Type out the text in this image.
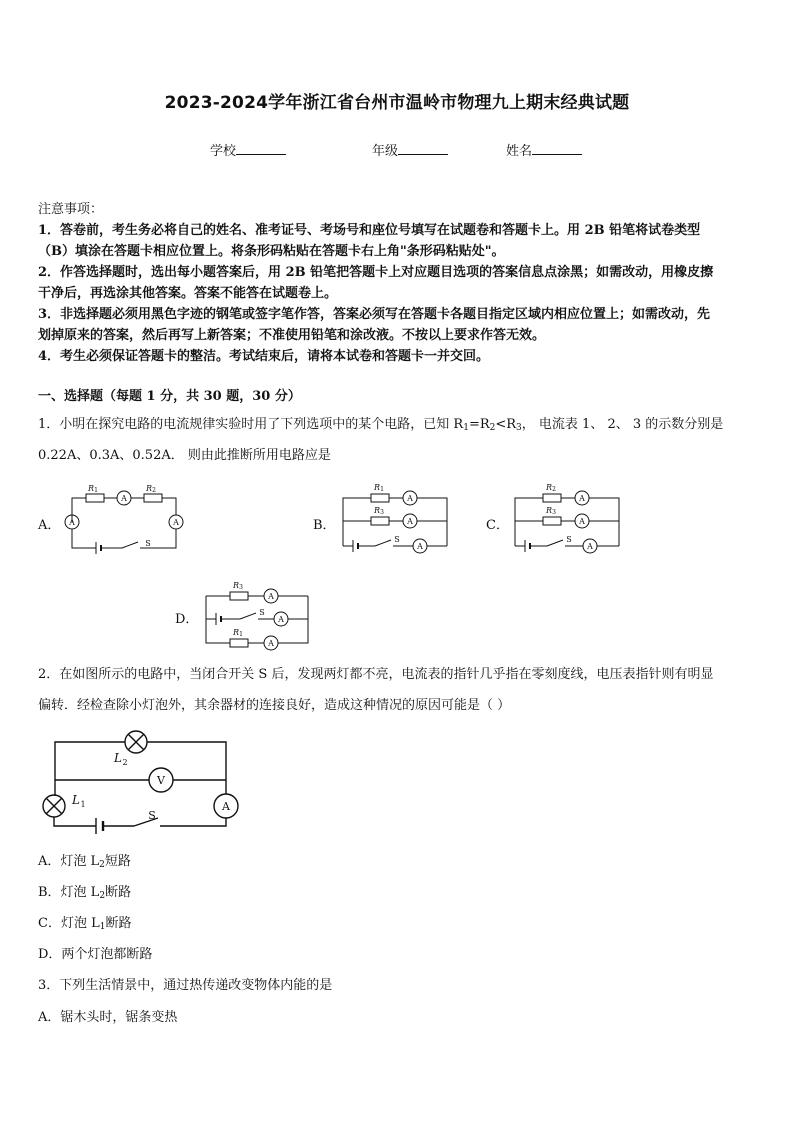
2023-2024学年浙江省台州市温岭市物理九上期末经典试题
学校	年级	姓名
注意事项：
1．答卷前，考生务必将自己的姓名、准考证号、考场号和座位号填写在试题卷和答题卡上。用 2B 铅笔将试卷类型
（B）填涂在答题卡相应位置上。将条形码粘贴在答题卡右上角"条形码粘贴处"。
2．作答选择题时，选出每小题答案后，用 2B 铅笔把答题卡上对应题目选项的答案信息点涂黑；如需改动，用橡皮擦
干净后，再选涂其他答案。答案不能答在试题卷上。
3．非选择题必须用黑色字迹的钢笔或签字笔作答，答案必须写在答题卡各题目指定区域内相应位置上；如需改动，先
划掉原来的答案，然后再写上新答案；不准使用铅笔和涂改液。不按以上要求作答无效。
4．考生必须保证答题卡的整洁。考试结束后，请将本试卷和答题卡一并交回。
一、选择题（每题 1 分，共 30 题，30 分）
1．小明在探究电路的电流规律实验时用了下列选项中的某个电路，已知 R1=R2<R3， 电流表 1、 2、 3 的示数分别是
0.22A、0.3A、0.52A． 则由此推断所用电路应是
A．	B．	C．
D．
R 1	R 2
A
A
A
S
R 1
R 3
A
A
A
S
R 2
R 3
A
A
A
S
R 3
R 1
A
A
A
S
2．在如图所示的电路中，当闭合开关 S 后，发现两灯都不亮，电流表的指针几乎指在零刻度线，电压表指针则有明显
偏转．经检查除小灯泡外，其余器材的连接良好，造成这种情况的原因可能是（ ）
L 2
L 1
V
A
S
A．灯泡 L2短路
B．灯泡 L2断路
C．灯泡 L1断路
D．两个灯泡都断路
3．下列生活情景中，通过热传递改变物体内能的是
A．锯木头时，锯条变热
